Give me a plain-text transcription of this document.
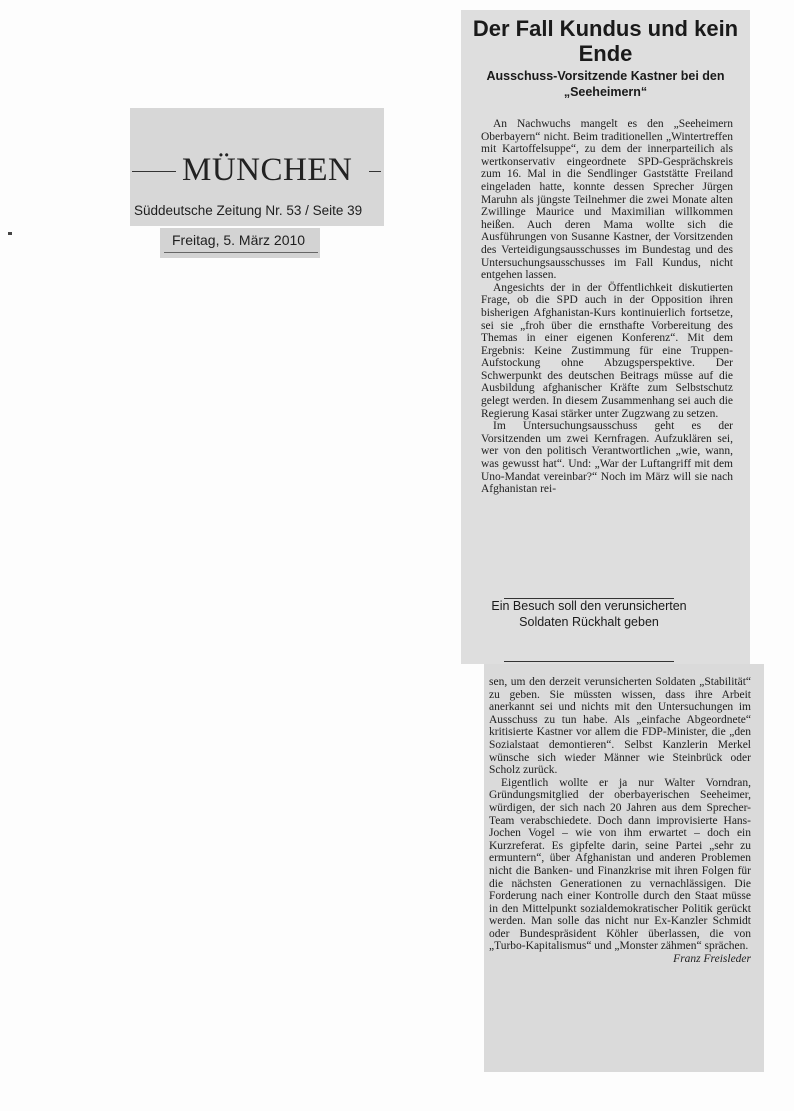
MÜNCHEN
Süddeutsche Zeitung Nr. 53 / Seite 39
Freitag, 5. März 2010
Der Fall Kundus und kein Ende
Ausschuss-Vorsitzende Kastner bei den „Seeheimern“

An Nachwuchs mangelt es den „Seeheimern Oberbayern“ nicht. Beim traditionellen „Wintertreffen mit Kartoffelsuppe“, zu dem der innerparteilich als wertkonservativ eingeordnete SPD-Gesprächskreis zum 16. Mal in die Sendlinger Gaststätte Freiland eingeladen hatte, konnte dessen Sprecher Jürgen Maruhn als jüngste Teilnehmer die zwei Monate alten Zwillinge Maurice und Maximilian willkommen heißen. Auch deren Mama wollte sich die Ausführungen von Susanne Kastner, der Vorsitzenden des Verteidigungsausschusses im Bundestag und des Untersuchungsausschusses im Fall Kundus, nicht entgehen lassen.

Angesichts der in der Öffentlichkeit diskutierten Frage, ob die SPD auch in der Opposition ihren bisherigen Afghanistan-Kurs kontinuierlich fortsetze, sei sie „froh über die ernsthafte Vorbereitung des Themas in einer eigenen Konferenz“. Mit dem Ergebnis: Keine Zustimmung für eine Truppen-Aufstockung ohne Abzugsperspektive. Der Schwerpunkt des deutschen Beitrags müsse auf die Ausbildung afghanischer Kräfte zum Selbstschutz gelegt werden. In diesem Zusammenhang sei auch die Regierung Kasai stärker unter Zugzwang zu setzen.

Im Untersuchungsausschuss geht es der Vorsitzenden um zwei Kernfragen. Aufzuklären sei, wer von den politisch Verantwortlichen „wie, wann, was gewusst hat“. Und: „War der Luftangriff mit dem Uno-Mandat vereinbar?“ Noch im März will sie nach Afghanistan rei-

Ein Besuch soll den verunsicherten Soldaten Rückhalt geben

sen, um den derzeit verunsicherten Soldaten „Stabilität“ zu geben. Sie müssten wissen, dass ihre Arbeit anerkannt sei und nichts mit den Untersuchungen im Ausschuss zu tun habe. Als „einfache Abgeordnete“ kritisierte Kastner vor allem die FDP-Minister, die „den Sozialstaat demontieren“. Selbst Kanzlerin Merkel wünsche sich wieder Männer wie Steinbrück oder Scholz zurück.

Eigentlich wollte er ja nur Walter Vorndran, Gründungsmitglied der oberbayerischen Seeheimer, würdigen, der sich nach 20 Jahren aus dem Sprecher-Team verabschiedete. Doch dann improvisierte Hans-Jochen Vogel – wie von ihm erwartet – doch ein Kurzreferat. Es gipfelte darin, seine Partei „sehr zu ermuntern“, über Afghanistan und anderen Problemen nicht die Banken- und Finanzkrise mit ihren Folgen für die nächsten Generationen zu vernachlässigen. Die Forderung nach einer Kontrolle durch den Staat müsse in den Mittelpunkt sozialdemokratischer Politik gerückt werden. Man solle das nicht nur Ex-Kanzler Schmidt oder Bundespräsident Köhler überlassen, die von „Turbo-Kapitalismus“ und „Monster zähmen“ sprächen.
Franz Freisleder
